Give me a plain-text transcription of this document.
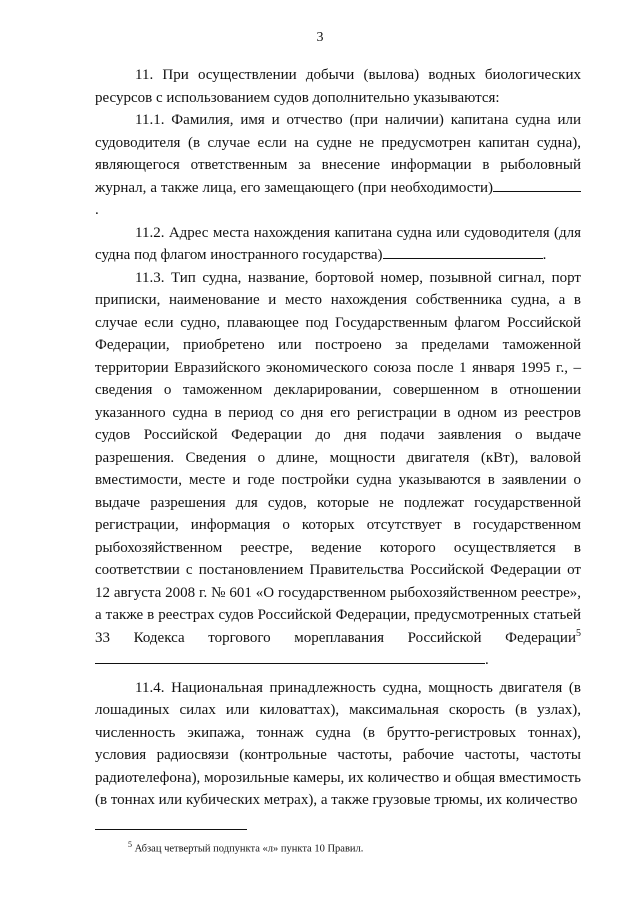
3

11. При осуществлении добычи (вылова) водных биологических ресурсов с использованием судов дополнительно указываются:

11.1. Фамилия, имя и отчество (при наличии) капитана судна или судоводителя (в случае если на судне не предусмотрен капитан судна), являющегося ответственным за внесение информации в рыболовный журнал, а также лица, его замещающего (при необходимости).

11.2. Адрес места нахождения капитана судна или судоводителя (для судна под флагом иностранного государства)	.

11.3. Тип судна, название, бортовой номер, позывной сигнал, порт приписки, наименование и место нахождения собственника судна, а в случае если судно, плавающее под Государственным флагом Российской Федерации, приобретено или построено за пределами таможенной территории Евразийского экономического союза после 1 января 1995 г., – сведения о таможенном декларировании, совершенном в отношении указанного судна в период со дня его регистрации в одном из реестров судов Российской Федерации до дня подачи заявления о выдаче разрешения. Сведения о длине, мощности двигателя (кВт), валовой вместимости, месте и годе постройки судна указываются в заявлении о выдаче разрешения для судов, которые не подлежат государственной регистрации, информация о которых отсутствует в государственном рыбохозяйственном реестре, ведение которого осуществляется в соответствии с постановлением Правительства Российской Федерации от 12 августа 2008 г. № 601 «О государственном рыбохозяйственном реестре», а также в реестрах судов Российской Федерации, предусмотренных статьей 33 Кодекса торгового мореплавания Российской Федерации$^5$.

11.4. Национальная принадлежность судна, мощность двигателя (в лошадиных силах или киловаттах), максимальная скорость (в узлах), численность экипажа, тоннаж судна (в брутто-регистровых тоннах), условия радиосвязи (контрольные частоты, рабочие частоты, частоты радиотелефона), морозильные камеры, их количество и общая вместимость (в тоннах или кубических метрах), а также грузовые трюмы, их количество

$^5$ Абзац четвертый подпункта «л» пункта 10 Правил.
